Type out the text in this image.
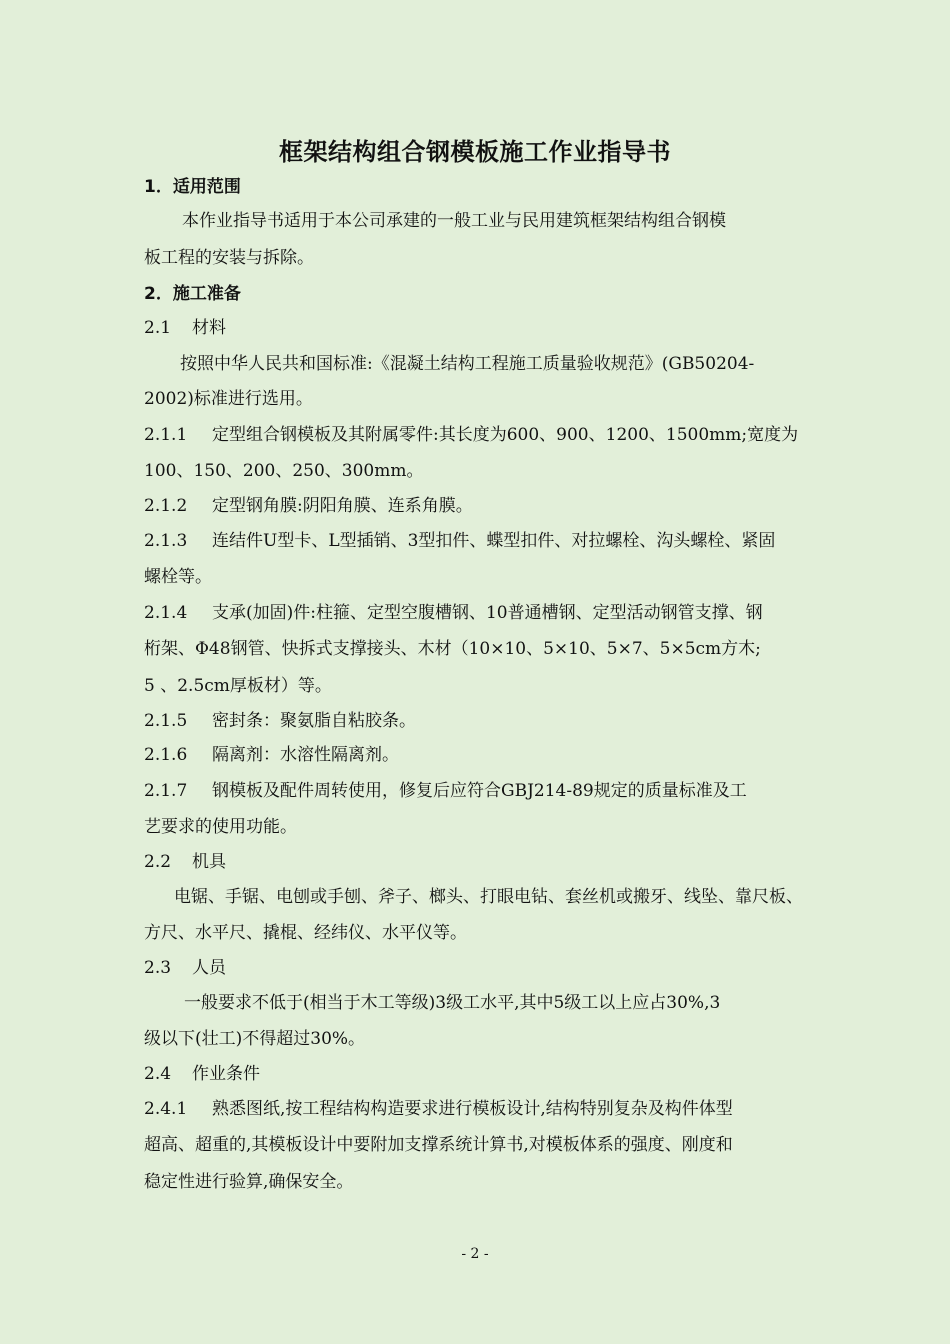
框架结构组合钢模板施工作业指导书
1．适用范围
本作业指导书适用于本公司承建的一般工业与民用建筑框架结构组合钢模
板工程的安装与拆除。
2．施工准备
2.1 材料
按照中华人民共和国标准:《混凝土结构工程施工质量验收规范》(GB50204-
2002)标准进行选用。
2.1.1 定型组合钢模板及其附属零件:其长度为600、900、1200、1500mm;宽度为
100、150、200、250、300mm。
2.1.2 定型钢角膜:阴阳角膜、连系角膜。
2.1.3 连结件U型卡、L型插销、3型扣件、蝶型扣件、对拉螺栓、沟头螺栓、紧固
螺栓等。
2.1.4 支承(加固)件:柱箍、定型空腹槽钢、10普通槽钢、定型活动钢管支撑、钢
桁架、Φ48钢管、快拆式支撑接头、木材（10×10、5×10、5×7、5×5cm方木;
5 、2.5cm厚板材）等。
2.1.5 密封条：聚氨脂自粘胶条。
2.1.6 隔离剂：水溶性隔离剂。
2.1.7 钢模板及配件周转使用，修复后应符合GBJ214-89规定的质量标准及工
艺要求的使用功能。
2.2 机具
电锯、手锯、电刨或手刨、斧子、榔头、打眼电钻、套丝机或搬牙、线坠、靠尺板、
方尺、水平尺、撬棍、经纬仪、水平仪等。
2.3 人员
一般要求不低于(相当于木工等级)3级工水平,其中5级工以上应占30%,3
级以下(壮工)不得超过30%。
2.4 作业条件
2.4.1 熟悉图纸,按工程结构构造要求进行模板设计,结构特别复杂及构件体型
超高、超重的,其模板设计中要附加支撑系统计算书,对模板体系的强度、刚度和
稳定性进行验算,确保安全。
- 2 -
